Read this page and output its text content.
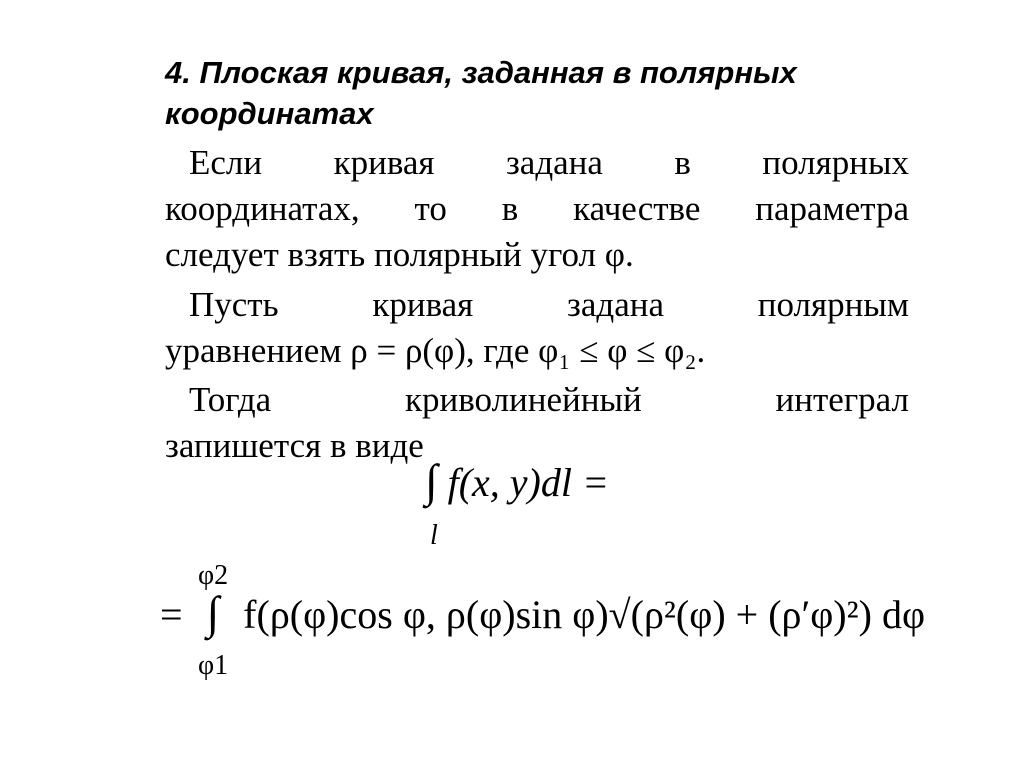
4. Плоская кривая, заданная в полярных координатах
Если кривая задана в полярных
координатах, то в качестве параметра
следует взять полярный угол φ.
Пусть кривая задана полярным
уравнением ρ = ρ(φ), где φ₁ ≤ φ ≤ φ₂.
Тогда криволинейный интеграл
запишется в виде
∫ f(x, y)dl =
l
φ2
= ∫ f(ρ(φ)cos φ, ρ(φ)sin φ)√(ρ²(φ) + (ρ′φ)²) dφ
φ1
